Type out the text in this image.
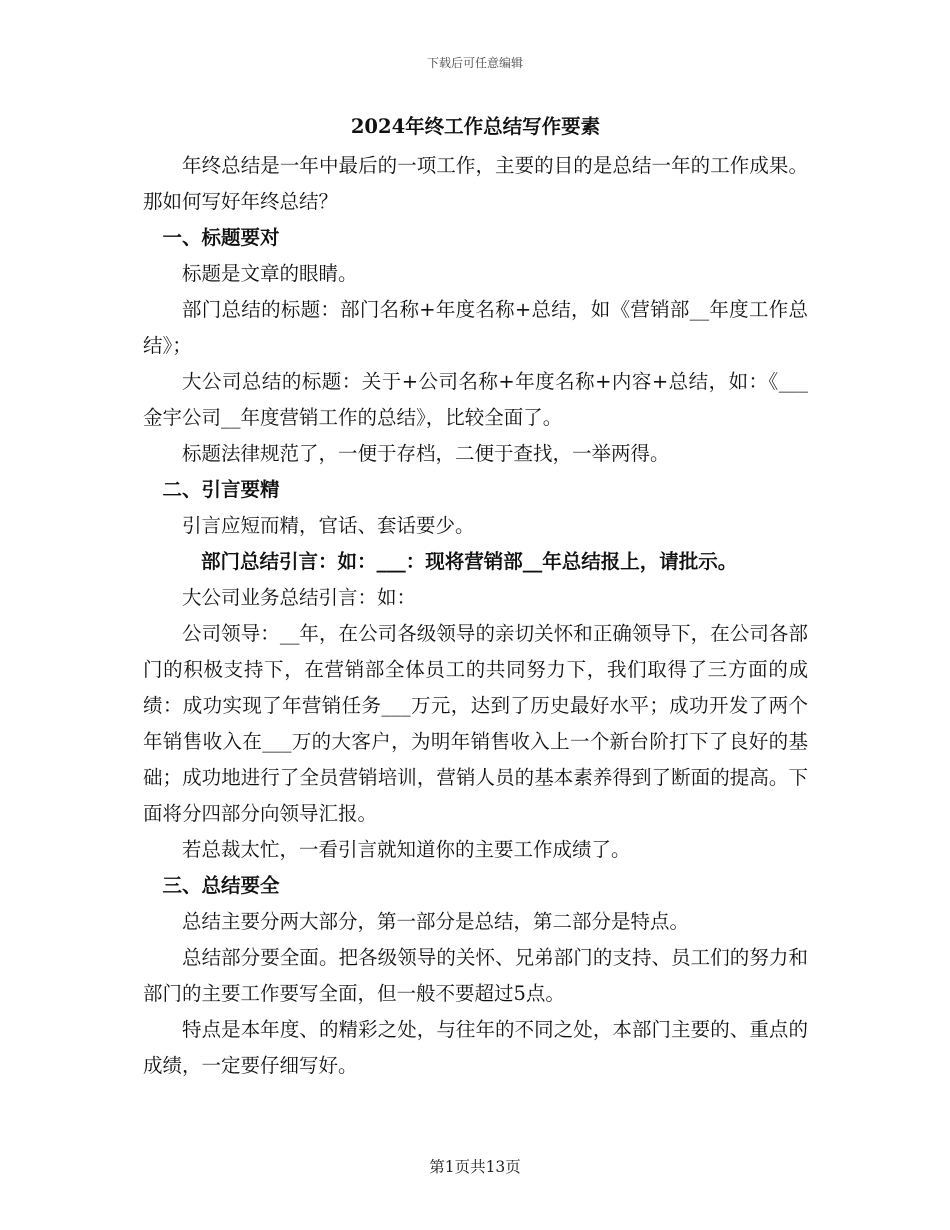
下载后可任意编辑
2024年终工作总结写作要素

年终总结是一年中最后的一项工作，主要的目的是总结一年的工作成果。那如何写好年终总结？

一、标题要对

标题是文章的眼睛。

部门总结的标题：部门名称+年度名称+总结，如《营销部__年度工作总结》；

大公司总结的标题：关于+公司名称+年度名称+内容+总结，如：《___金宇公司__年度营销工作的总结》，比较全面了。

标题法律规范了，一便于存档，二便于查找，一举两得。

二、引言要精

引言应短而精，官话、套话要少。

部门总结引言：如：___：现将营销部__年总结报上，请批示。

大公司业务总结引言：如：

公司领导：__年，在公司各级领导的亲切关怀和正确领导下，在公司各部门的积极支持下，在营销部全体员工的共同努力下，我们取得了三方面的成绩：成功实现了年营销任务___万元，达到了历史最好水平；成功开发了两个年销售收入在___万的大客户，为明年销售收入上一个新台阶打下了良好的基础；成功地进行了全员营销培训，营销人员的基本素养得到了断面的提高。下面将分四部分向领导汇报。

若总裁太忙，一看引言就知道你的主要工作成绩了。

三、总结要全

总结主要分两大部分，第一部分是总结，第二部分是特点。

总结部分要全面。把各级领导的关怀、兄弟部门的支持、员工们的努力和部门的主要工作要写全面，但一般不要超过5点。

特点是本年度、的精彩之处，与往年的不同之处，本部门主要的、重点的成绩，一定要仔细写好。

第1页共13页
